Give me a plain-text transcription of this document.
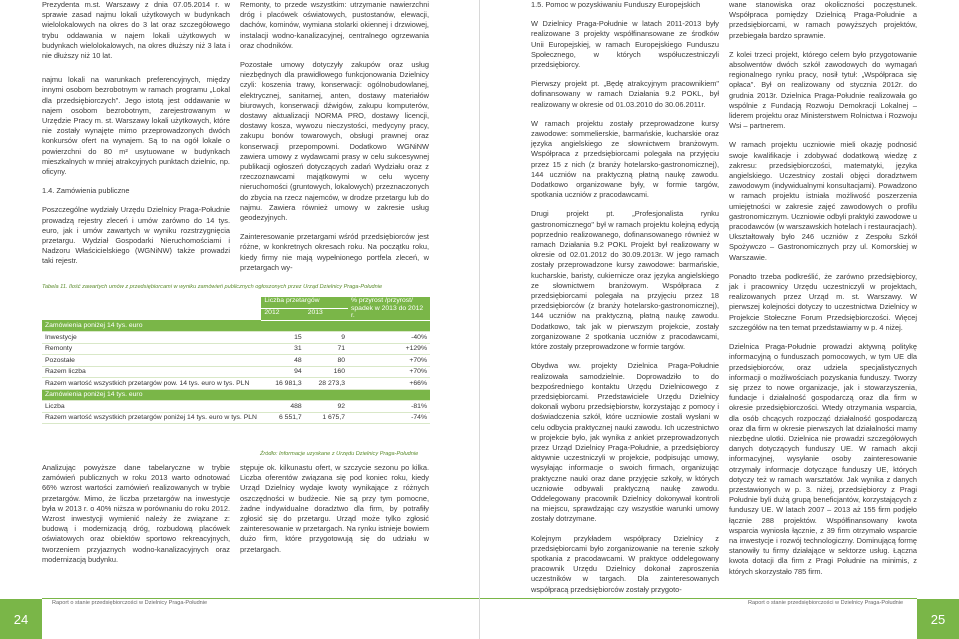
Prezydenta m.st. Warszawy z dnia 07.05.2014 r. w sprawie zasad najmu lokali użytkowych w budynkach wielolokalowych na okres do 3 lat oraz szczegółowego trybu oddawania w najem lokali użytkowych w budynkach wielolokalowych, na okres dłuższy niż 3 lata i nie dłuższy niż 10 lat.

najmu lokali na warunkach preferencyjnych, między innymi osobom bezrobotnym w ramach programu „Lokal dla przedsiębiorczych". Jego istotą jest oddawanie w najem osobom bezrobotnym, zarejestrowanym w Urzędzie Pracy m. st. Warszawy lokali użytkowych, które nie zostały wynajęte mimo przeprowadzonych dwóch konkursów ofert na wynajem. Są to na ogół lokale o powierzchni do 80 m² usytuowane w budynkach mieszkalnych w mniej atrakcyjnych punktach dzielnic, np. oficyny.

1.4. Zamówienia publiczne

Poszczególne wydziały Urzędu Dzielnicy Praga-Południe prowadzą rejestry zleceń i umów zarówno do 14 tys. euro, jak i umów zawartych w wyniku rozstrzygnięcia przetargu. Wydział Gospodarki Nieruchomościami i Nadzoru Właścicielskiego (WGNiNW) także prowadzi taki rejestr.

Remonty, to przede wszystkim: utrzymanie nawierzchni dróg i placówek oświatowych, pustostanów, elewacji, dachów, kominów, wymiana stolarki okiennej i drzwiowej, instalacji wodno-kanalizacyjnej, centralnego ogrzewania oraz chodników.

Pozostałe umowy dotyczyły zakupów oraz usług niezbędnych dla prawidłowego funkcjonowania Dzielnicy czyli: koszenia trawy, konserwacji: ogólnobudowlanej, elektrycznej, sanitarnej, anten, dostawy materiałów biurowych, konserwacji dźwigów, zakupu komputerów, dostawy aktualizacji NORMA PRO, dostawy licencji, dostawy kosza, wywozu nieczystości, medycyny pracy, zakupu bonów towarowych, obsługi prawnej oraz konserwacji przepompowni. Dodatkowo WGNiNW zawiera umowy z wydawcami prasy w celu sukcesywnej publikacji ogłoszeń dotyczących zadań Wydziału oraz z rzeczoznawcami majątkowymi w celu wyceny nieruchomości (gruntowych, lokalowych) przeznaczonych do zbycia na rzecz najemców, w drodze przetargu lub do najmu. Zawiera również umowy w zakresie usług geodezyjnych.

Zainteresowanie przetargami wśród przedsiębiorców jest różne, w konkretnych okresach roku. Na początku roku, kiedy firmy nie mają wypełnionego portfela zleceń, w przetargach wy-

Tabela 11. Ilość zawartych umów z przedsiębiorcami w wyniku zamówień publicznych ogłoszonych przez Urząd Dzielnicy Praga-Południe
	Liczba przetargów		% przyrost /przyrost/ spadek w 2013 do 2012 r.
	2012	2013	
Zamówienia poniżej 14 tys. euro			
Inwestycje	15	9	-40%
Remonty	31	71	+129%
Pozostałe	48	80	+70%
Razem liczba	94	160	+70%
Razem wartość wszystkich przetargów pow. 14 tys. euro w tys. PLN	16 981,3	28 273,3	+66%
Zamówienia poniżej 14 tys. euro			
Liczba	488	92	-81%
Razem wartość wszystkich przetargów poniżej 14 tys. euro w tys. PLN	6 551,7	1 675,7	-74%
Źródło: Informacje uzyskane z Urzędu Dzielnicy Praga-Południe

Analizując powyższe dane tabelaryczne w trybie zamówień publicznych w roku 2013 warto odnotować 66% wzrost wartości zamówień realizowanych w trybie przetargów. Mimo, że liczba przetargów na inwestycje była w 2013 r. o 40% niższa w porównaniu do roku 2012. Wzrost inwestycji wymienić należy że związane z: budową i modernizacją dróg, rozbudową placówek oświatowych oraz obiektów sportowo rekreacyjnych, tworzeniem przyjaznych wodno-kanalizacyjnych oraz modernizacją budynku.

stępuje ok. kilkunastu ofert, w szczycie sezonu po kilka. Liczba oferentów związana się pod koniec roku, kiedy Urząd Dzielnicy wydaje kwoty wynikające z różnych oszczędności w budżecie. Nie są przy tym pomocne, żadne indywidualne doradztwo dla firm, by potrafiły zgłosić się do przetargu. Urząd może tylko zgłosić zainteresowanie w przetargach. Na rynku istnieje bowiem dużo firm, które przygotowują się do udziału w przetargach.

24
Raport o stanie przedsiębiorczości w Dzielnicy Praga-Południe
1.5. Pomoc w pozyskiwaniu Funduszy Europejskich

W Dzielnicy Praga-Południe w latach 2011-2013 były realizowane 3 projekty współfinansowane ze środków Unii Europejskiej, w ramach Europejskiego Funduszu Społecznego, w których współuczestniczyli przedsiębiorcy.

Pierwszy projekt pt. „Będę atrakcyjnym pracownikiem" dofinansowany w ramach Działania 9.2 POKL, był realizowany w okresie od 01.03.2010 do 30.06.2011r.

W ramach projektu zostały przeprowadzone kursy zawodowe: sommelierskie, barmańskie, kucharskie oraz języka angielskiego ze słownictwem branżowym. Współpraca z przedsiębiorcami polegała na przyjęciu przez 15 z nich (z branży hotelarsko-gastronomicznej), 144 uczniów na praktyczną płatną naukę zawodu. Dodatkowo organizowane były, w formie targów, spotkania uczniów z pracodawcami.

Drugi projekt pt. „Profesjonalista rynku gastronomicznego" był w ramach projektu kolejną edycją poprzednio realizowanego, dofinansowanego również w ramach Działania 9.2 POKL Projekt był realizowany w okresie od 02.01.2012 do 30.09.2013r. W jego ramach zostały przeprowadzone kursy zawodowe: barmańskie, kucharskie, baristy, cukiernicze oraz języka angielskiego ze słownictwem branżowym. Współpraca z przedsiębiorcami polegała na przyjęciu przez 18 przedsiębiorców (z branży hotelarsko-gastronomicznej), 144 uczniów na praktyczną, płatną naukę zawodu. Dodatkowo, tak jak w pierwszym projekcie, zostały zorganizowane 2 spotkania uczniów z pracodawcami, które zostały przeprowadzone w formie targów.

Obydwa ww. projekty Dzielnica Praga-Południe realizowała samodzielnie. Doprowadziło to do bezpośredniego kontaktu Urzędu Dzielnicowego z przedsiębiorcami. Przedstawiciele Urzędu Dzielnicy dokonali wyboru przedsiębiorstw, korzystając z pomocy i doświadczenia szkół, które uczniowie zostali wysłani w celu odbycia praktycznej nauki zawodu. Ich uczestnictwo w projekcie było, jak wynika z ankiet przeprowadzonych przez Urząd Dzielnicy Praga-Południe, a przedsiębiorcy aktywnie uczestniczyli w projekcie, podpisując umowy, wysyłając informacje o swoich firmach, organizując praktyczne nauki oraz dane przyjęcie szkoły, w których uczniowie odbywali praktyczną naukę zawodu. Oddelegowany pracownik Dzielnicy dokonywał kontroli na miejscu, sprawdzając czy wszystkie warunki umowy zostały dotrzymane.

Kolejnym przykładem współpracy Dzielnicy z przedsiębiorcami było zorganizowanie na terenie szkoły spotkania z pracodawcami. W praktyce oddelegowany pracownik Urzędu Dzielnicy dokonał zaproszenia uczestników w targach. Dla zainteresowanych współpracą przedsiębiorców zostały przygoto-

wane stanowiska oraz okoliczności poczęstunek. Współpraca pomiędzy Dzielnicą Praga-Południe a przedsiębiorcami, w ramach powyższych projektów, przebiegała bardzo sprawnie.

Z kolei trzeci projekt, którego celem było przygotowanie absolwentów dwóch szkół zawodowych do wymagań regionalnego rynku pracy, nosił tytuł: „Współpraca się opłaca". Był on realizowany od stycznia 2012r. do grudnia 2013r. Dzielnica Praga-Południe realizowała go wspólnie z Fundacją Rozwoju Demokracji Lokalnej – liderem projektu oraz Ministerstwem Rolnictwa i Rozwoju Wsi – partnerem.

W ramach projektu uczniowie mieli okazję podnosić swoje kwalifikacje i zdobywać dodatkową wiedzę z zakresu: przedsiębiorczości, matematyki, języka angielskiego. Uczestnicy zostali objęci doradztwem zawodowym (indywidualnymi konsultacjami). Powadzono w ramach projektu istniała możliwość poszerzenia umiejętności w zakresie zajęć zawodowych o profilu gastronomicznym. Uczniowie odbyli praktyki zawodowe u pracodawców (w warszawskich hotelach i restauracjach). Ukształtowały było 246 uczniów z Zespołu Szkół Spożywczo – Gastronomicznych przy ul. Komorskiej w Warszawie.

Ponadto trzeba podkreślić, że zarówno przedsiębiorcy, jak i pracownicy Urzędu uczestniczyli w projektach, realizowanych przez Urząd m. st. Warszawy. W pierwszej kolejności dotyczy to uczestnictwa Dzielnicy w Projekcie Stołeczne Forum Przedsiębiorczości. Więcej szczegółów na ten temat przedstawiamy w p. 4 niżej.

Dzielnica Praga-Południe prowadzi aktywną politykę informacyjną o funduszach pomocowych, w tym UE dla przedsiębiorców, oraz udziela specjalistycznych informacji o możliwościach pozyskania funduszy. Tworzy się przez to nowe organizacje, jak i stowarzyszenia, fundacje i działalność gospodarczą oraz dla firm w okresie przedsiębiorczości. Wtedy otrzymania wsparcia, dla osób chcących rozpocząć działalność gospodarczą oraz dla firm w okresie pierwszych lat działalności mamy niezbędne ulotki. Dzielnica nie prowadzi szczegółowych danych dotyczących funduszy UE. W ramach akcji informacyjnej, wysyłanie osoby zainteresowanie otrzymały informacje dotyczące funduszy UE, których dotyczy też w ramach warsztatów. Jak wynika z danych przestawionych w p. 3. niżej, przedsiębiorcy z Pragi Południe byli dużą grupą beneficjantów, korzystających z funduszy UE. W latach 2007 – 2013 aż 155 firm podjęło łącznie 288 projektów. Współfinansowany kwota wsparcia wyniosła łącznie, z 39 firm otrzymało wsparcie na inwestycje i rozwój technologiczny. Dominującą formę stanowiły tu firmy działające w sektorze usług. Łączna kwota dotacji dla firm z Pragi Południe na minimis, z których skorzystało 785 firm.

25
Raport o stanie przedsiębiorczości w Dzielnicy Praga-Południe
